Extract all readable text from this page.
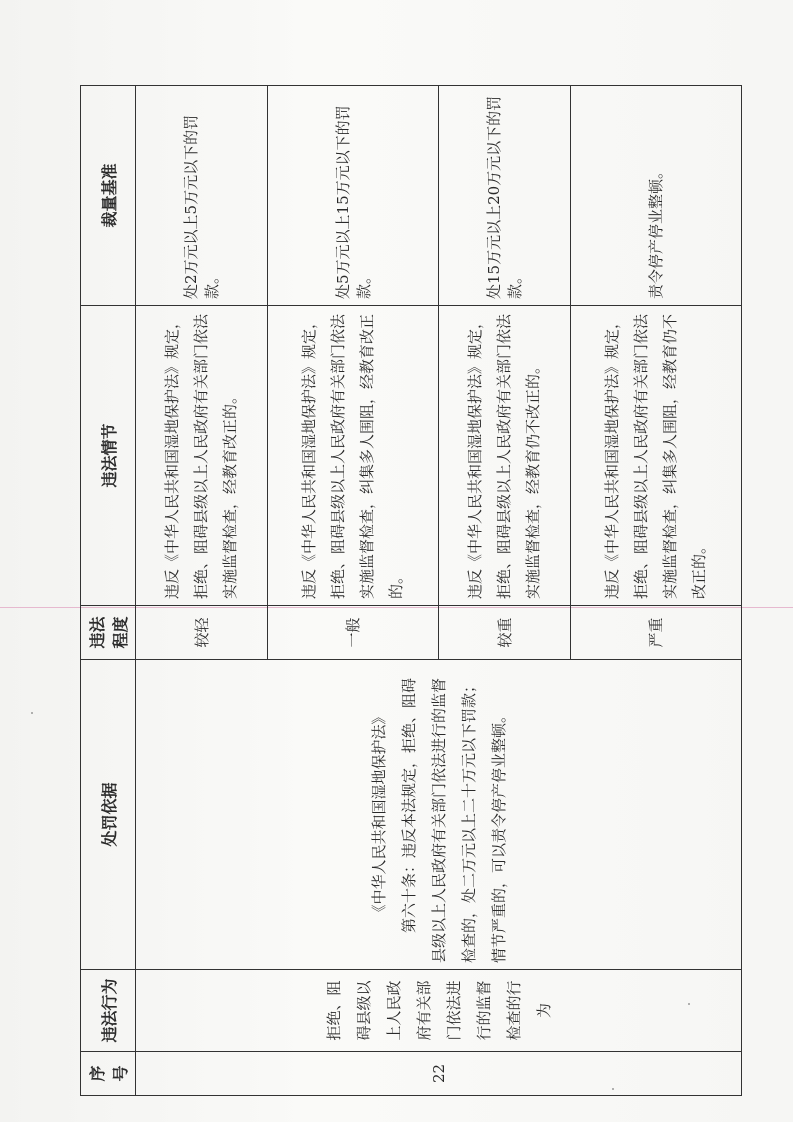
序号	违法行为	处罚依据	违法程度	违法情节	裁量基准
22	拒绝、阻碍县级以上人民政府有关部门依法进行的监督检查的行为	《中华人民共和国湿地保护法》 第六十条：违反本法规定，拒绝、阻碍县级以上人民政府有关部门依法进行的监督检查的，处二万元以上二十万元以下罚款；情节严重的，可以责令停产停业整顿。	较轻	违反《中华人民共和国湿地保护法》规定，拒绝、阻碍县级以上人民政府有关部门依法实施监督检查，经教育改正的。	处2万元以上5万元以下的罚款。
			一般	违反《中华人民共和国湿地保护法》规定，拒绝、阻碍县级以上人民政府有关部门依法实施监督检查，纠集多人围阻，经教育改正的。	处5万元以上15万元以下的罚款。
			较重	违反《中华人民共和国湿地保护法》规定，拒绝、阻碍县级以上人民政府有关部门依法实施监督检查，经教育仍不改正的。	处15万元以上20万元以下的罚款。
			严重	违反《中华人民共和国湿地保护法》规定，拒绝、阻碍县级以上人民政府有关部门依法实施监督检查，纠集多人围阻，经教育仍不改正的。	责令停产停业整顿。
